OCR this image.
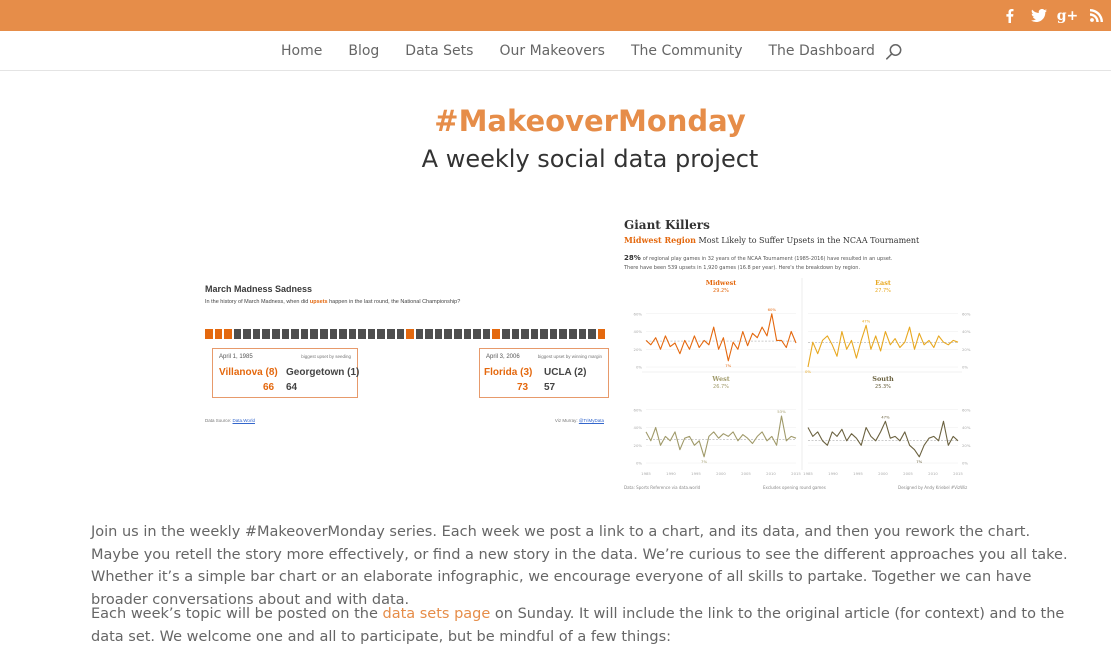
g+
Home Blog Data Sets Our Makeovers The Community The Dashboard
#MakeoverMonday
A weekly social data project
March Madness Sadness
In the history of March Madness, when did upsets happen in the last round, the National Championship?
April 1, 1985	biggest upset by seeding
Villanova (8) Georgetown (1)
66 64
April 3, 2006	biggest upset by winning margin
Florida (3) UCLA (2)
73 57
Data Source: Data.World	Viz Murray: @TriMyData
Giant Killers
Midwest Region Most Likely to Suffer Upsets in the NCAA Tournament
28% of regional play games in 32 years of the NCAA Tournament (1985-2016) have resulted in an upset.
There have been 539 upsets in 1,920 games (16.8 per year). Here's the breakdown by region.
Midwest
29.2%
0%
20%
40%
60%
60%
7%
East
27.7%
0%
20%
40%
60%
47%
0%
West
26.7%
0%
20%
40%
60%	53%
7%
South
25.3%
0%
20%
40%
60%
47%
7%
1985	1990	1995	2000	2005	2010	2015 1985	1990	1995	2000	2005	2010	2015
Data: Sports Reference via data.world	Excludes opening round games	Designed by Andy Kriebel #VizWiz

Join us in the weekly #MakeoverMonday series. Each week we post a link to a chart, and its data, and then you rework the chart. Maybe you retell the story more effectively, or find a new story in the data. We’re curious to see the different approaches you all take. Whether it’s a simple bar chart or an elaborate infographic, we encourage everyone of all skills to partake. Together we can have broader conversations about and with data.

Each week’s topic will be posted on the data sets page on Sunday. It will include the link to the original article (for context) and to the data set. We welcome one and all to participate, but be mindful of a few things:
